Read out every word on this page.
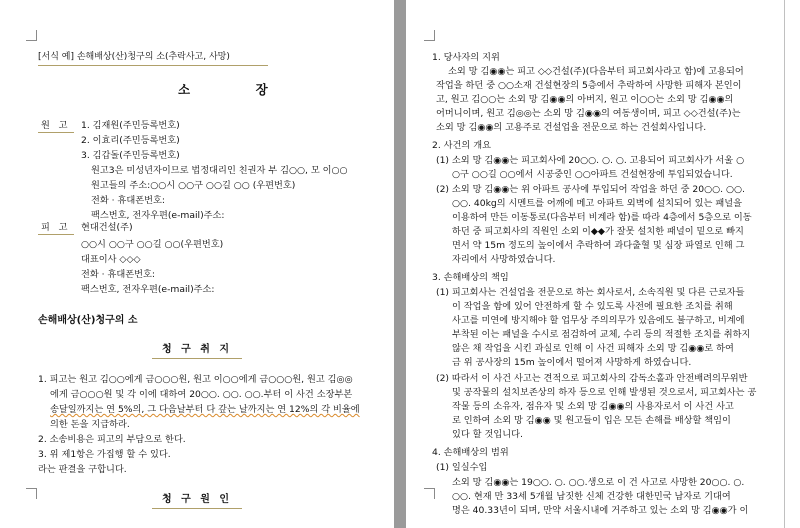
[서식 예] 손해배상(산)청구의 소(추락사고, 사망)
소          장
원   고 1. 김재원(주민등록번호)
2. 이효리(주민등록번호)
3. 김갑돌(주민등록번호)
원고3은 미성년자이므로 법정대리인 친권자 부 김○○, 모 이○○
원고들의 주소:○○시 ○○구 ○○길 ○○ (우편번호)
전화 · 휴대폰번호:
팩스번호, 전자우편(e-mail)주소:
피   고 현대건설(주)
○○시 ○○구 ○○길 ○○(우편번호)
대표이사 ◇◇◇
전화 · 휴대폰번호:
팩스번호, 전자우편(e-mail)주소:
손해배상(산)청구의 소
청 구 취 지
1. 피고는 원고 김○○에게 금○○○원, 원고 이○○에게 금○○○원, 원고 김◎◎
에게 금○○○원 및 각 이에 대하여 20○○. ○○. ○○.부터 이 사건 소장부본
송달일까지는 연 5%의, 그 다음날부터 다 갚는 날까지는 연 12%의 각 비율에
의한 돈을 지급하라.
2. 소송비용은 피고의 부담으로 한다.
3. 위 제1항은 가집행 할 수 있다.
라는 판결을 구합니다.
청 구 원 인
1. 당사자의 지위
소외 망 김◉◉는 피고 ◇◇건설(주)(다음부터 피고회사라고 함)에 고용되어
작업을 하던 중 ○○소재 건설현장의 5층에서 추락하여 사망한 피해자 본인이
고, 원고 김○○는 소외 망 김◉◉의 아버지, 원고 이○○는 소외 망 김◉◉의
어머니이며, 원고 김◎◎는 소외 망 김◉◉의 여동생이며, 피고 ◇◇건설(주)는
소외 망 김◉◉의 고용주로 건설업을 전문으로 하는 건설회사입니다.
2. 사건의 개요
(1) 소외 망 김◉◉는 피고회사에 20○○. ○. ○. 고용되어 피고회사가 서울 ○
○구 ○○길 ○○에서 시공중인 ○○아파트 건설현장에 투입되었습니다.
(2) 소외 망 김◉◉는 위 아파트 공사에 투입되어 작업을 하던 중 20○○. ○○.
○○. 40kg의 시멘트를 어깨에 메고 아파트 외벽에 설치되어 있는 패널을
이용하여 만든 이동통로(다음부터 비계라 함)를 따라 4층에서 5층으로 이동
하던 중 피고회사의 직원인 소외 이◆◆가 잘못 설치한 패널이 밑으로 빠지
면서 약 15m 정도의 높이에서 추락하여 과다출혈 및 심장 파열로 인해 그
자리에서 사망하였습니다.
3. 손해배상의 책임
(1) 피고회사는 건설업을 전문으로 하는 회사로서, 소속직원 및 다른 근로자들
이 작업을 함에 있어 안전하게 할 수 있도록 사전에 필요한 조치를 취해
사고를 미연에 방지해야 할 업무상 주의의무가 있음에도 불구하고, 비계에
부착된 이는 패널을 수시로 점검하여 교체, 수리 등의 적절한 조치를 취하지
않은 채 작업을 시킨 과실로 인해 이 사건 피해자 소외 망 김◉◉로 하여
금 위 공사장의 15m 높이에서 떨어져 사망하게 하였습니다.
(2) 따라서 이 사건 사고는 견적으로 피고회사의 감독소홀과 안전배려의무위반
및 공작물의 설치보존상의 하자 등으로 인해 발생된 것으로서, 피고회사는 공
작물 등의 소유자, 점유자 및 소외 망 김◉◉의 사용자로서 이 사건 사고
로 인하여 소외 망 김◉◉ 및 원고들이 입은 모든 손해를 배상할 책임이
있다 할 것입니다.
4. 손해배상의 범위
(1) 일실수입
소외 망 김◉◉는 19○○. ○. ○○.생으로 이 건 사고로 사망한 20○○. ○.
○○. 현재 만 33세 5개월 남짓한 신체 건강한 대한민국 남자로 기대여
명은 40.33년이 되며, 만약 서울시내에 거주하고 있는 소외 망 김◉◉가 이
